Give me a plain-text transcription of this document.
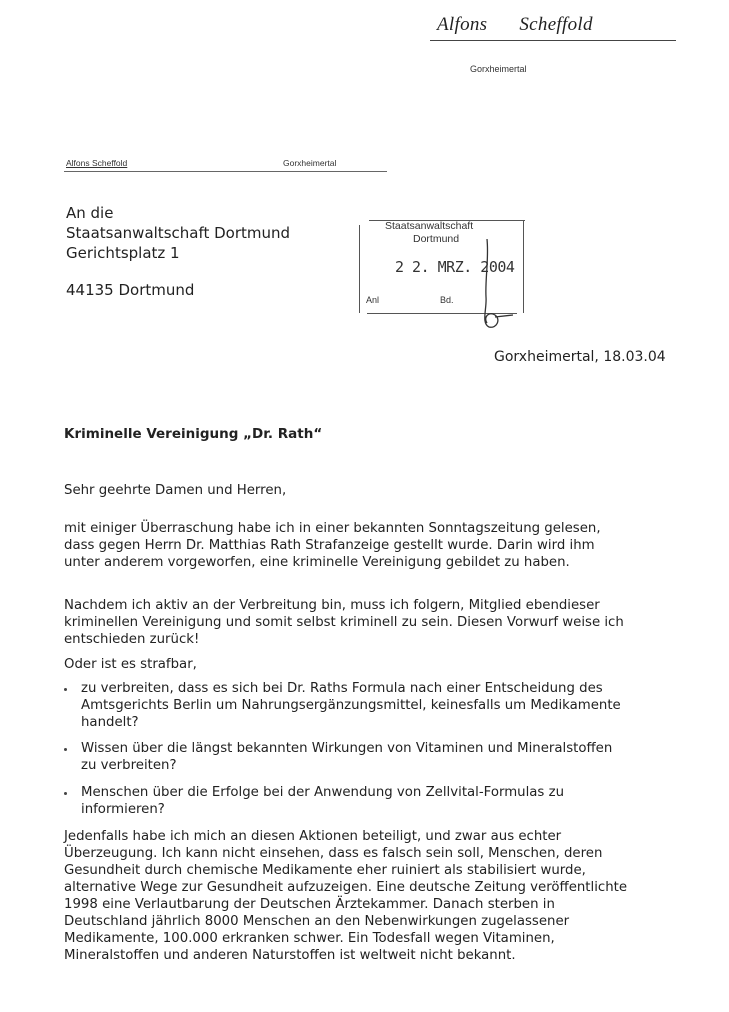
Alfons Scheffold
Gorxheimertal
Alfons Scheffold	Gorxheimertal
An die
Staatsanwaltschaft Dortmund
Gerichtsplatz 1
44135 Dortmund
Staatsanwaltschaft
Dortmund
2 2. MRZ. 2004
Anl	Bd.
Gorxheimertal, 18.03.04
Kriminelle Vereinigung „Dr. Rath“
Sehr geehrte Damen und Herren,
mit einiger Überraschung habe ich in einer bekannten Sonntagszeitung gelesen,
dass gegen Herrn Dr. Matthias Rath Strafanzeige gestellt wurde. Darin wird ihm
unter anderem vorgeworfen, eine kriminelle Vereinigung gebildet zu haben.
Nachdem ich aktiv an der Verbreitung bin, muss ich folgern, Mitglied ebendieser
kriminellen Vereinigung und somit selbst kriminell zu sein. Diesen Vorwurf weise ich
entschieden zurück!
Oder ist es strafbar,
zu verbreiten, dass es sich bei Dr. Raths Formula nach einer Entscheidung des
Amtsgerichts Berlin um Nahrungsergänzungsmittel, keinesfalls um Medikamente
handelt?
Wissen über die längst bekannten Wirkungen von Vitaminen und Mineralstoffen
zu verbreiten?
Menschen über die Erfolge bei der Anwendung von Zellvital-Formulas zu
informieren?
Jedenfalls habe ich mich an diesen Aktionen beteiligt, und zwar aus echter
Überzeugung. Ich kann nicht einsehen, dass es falsch sein soll, Menschen, deren
Gesundheit durch chemische Medikamente eher ruiniert als stabilisiert wurde,
alternative Wege zur Gesundheit aufzuzeigen. Eine deutsche Zeitung veröffentlichte
1998 eine Verlautbarung der Deutschen Ärztekammer. Danach sterben in
Deutschland jährlich 8000 Menschen an den Nebenwirkungen zugelassener
Medikamente, 100.000 erkranken schwer. Ein Todesfall wegen Vitaminen,
Mineralstoffen und anderen Naturstoffen ist weltweit nicht bekannt.
